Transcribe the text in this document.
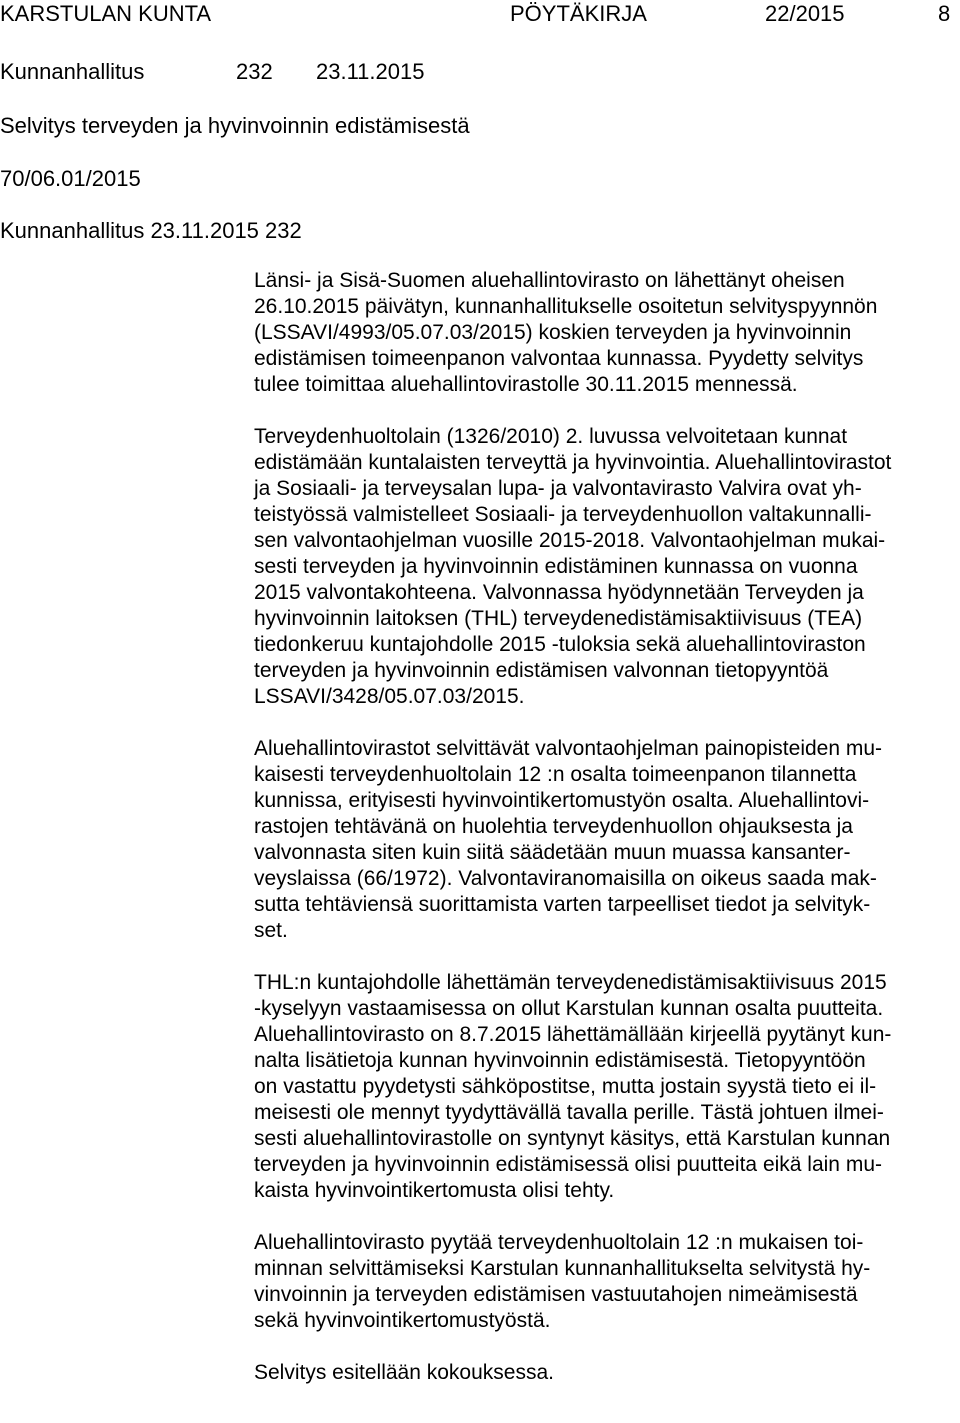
KARSTULAN KUNTA	PÖYTÄKIRJA	22/2015	8
Kunnanhallitus	232 23.11.2015
Selvitys terveyden ja hyvinvoinnin edistämisestä
70/06.01/2015
Kunnanhallitus 23.11.2015 232

Länsi- ja Sisä-Suomen aluehallintovirasto on lähettänyt oheisen
26.10.2015 päivätyn, kunnanhallitukselle osoitetun selvityspyynnön
(LSSAVI/4993/05.07.03/2015) koskien terveyden ja hyvinvoinnin
edistämisen toimeenpanon valvontaa kunnassa. Pyydetty selvitys
tulee toimittaa aluehallintovirastolle 30.11.2015 mennessä.

Terveydenhuoltolain (1326/2010) 2. luvussa velvoitetaan kunnat
edistämään kuntalaisten terveyttä ja hyvinvointia. Aluehallintovirastot
ja Sosiaali- ja terveysalan lupa- ja valvontavirasto Valvira ovat yh-
teistyössä valmistelleet Sosiaali- ja terveydenhuollon valtakunnalli-
sen valvontaohjelman vuosille 2015-2018. Valvontaohjelman mukai-
sesti terveyden ja hyvinvoinnin edistäminen kunnassa on vuonna
2015 valvontakohteena. Valvonnassa hyödynnetään Terveyden ja
hyvinvoinnin laitoksen (THL) terveydenedistämisaktiivisuus (TEA)
tiedonkeruu kuntajohdolle 2015 -tuloksia sekä aluehallintoviraston
terveyden ja hyvinvoinnin edistämisen valvonnan tietopyyntöä
LSSAVI/3428/05.07.03/2015.

Aluehallintovirastot selvittävät valvontaohjelman painopisteiden mu-
kaisesti terveydenhuoltolain 12 :n osalta toimeenpanon tilannetta
kunnissa, erityisesti hyvinvointikertomustyön osalta. Aluehallintovi-
rastojen tehtävänä on huolehtia terveydenhuollon ohjauksesta ja
valvonnasta siten kuin siitä säädetään muun muassa kansanter-
veyslaissa (66/1972). Valvontaviranomaisilla on oikeus saada mak-
sutta tehtäviensä suorittamista varten tarpeelliset tiedot ja selvityk-
set.

THL:n kuntajohdolle lähettämän terveydenedistämisaktiivisuus 2015
-kyselyyn vastaamisessa on ollut Karstulan kunnan osalta puutteita.
Aluehallintovirasto on 8.7.2015 lähettämällään kirjeellä pyytänyt kun-
nalta lisätietoja kunnan hyvinvoinnin edistämisestä. Tietopyyntöön
on vastattu pyydetysti sähköpostitse, mutta jostain syystä tieto ei il-
meisesti ole mennyt tyydyttävällä tavalla perille. Tästä johtuen ilmei-
sesti aluehallintovirastolle on syntynyt käsitys, että Karstulan kunnan
terveyden ja hyvinvoinnin edistämisessä olisi puutteita eikä lain mu-
kaista hyvinvointikertomusta olisi tehty.

Aluehallintovirasto pyytää terveydenhuoltolain 12 :n mukaisen toi-
minnan selvittämiseksi Karstulan kunnanhallitukselta selvitystä hy-
vinvoinnin ja terveyden edistämisen vastuutahojen nimeämisestä
sekä hyvinvointikertomustyöstä.

Selvitys esitellään kokouksessa.
